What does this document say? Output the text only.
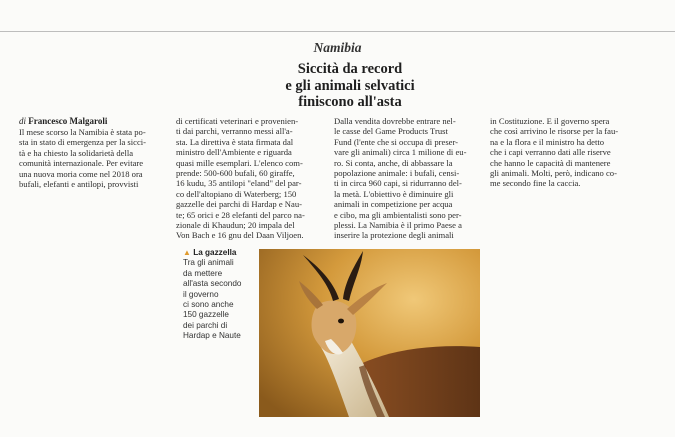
Namibia
Siccità da record
e gli animali selvatici
finiscono all'asta
di Francesco Malgaroli
Il mese scorso la Namibia è stata po-
sta in stato di emergenza per la sicci-
tà e ha chiesto la solidarietà della
comunità internazionale. Per evitare
una nuova moria come nel 2018 ora
bufali, elefanti e antilopi, provvisti
di certificati veterinari e provenien-
ti dai parchi, verranno messi all'a-
sta. La direttiva è stata firmata dal
ministro dell'Ambiente e riguarda
quasi mille esemplari. L'elenco com-
prende: 500-600 bufali, 60 giraffe,
16 kudu, 35 antilopi "eland" del par-
co dell'altopiano di Waterberg; 150
gazzelle dei parchi di Hardap e Nau-
te; 65 orici e 28 elefanti del parco na-
zionale di Khaudun; 20 impala del
Von Bach e 16 gnu del Daan Viljoen.
Dalla vendita dovrebbe entrare nel-
le casse del Game Products Trust
Fund (l'ente che si occupa di preser-
vare gli animali) circa 1 milione di eu-
ro. Si conta, anche, di abbassare la
popolazione animale: i bufali, censi-
ti in circa 960 capi, si ridurranno del-
la metà. L'obiettivo è diminuire gli
animali in competizione per acqua
e cibo, ma gli ambientalisti sono per-
plessi. La Namibia è il primo Paese a
inserire la protezione degli animali
in Costituzione. E il governo spera
che così arrivino le risorse per la fau-
na e la flora e il ministro ha detto
che i capi verranno dati alle riserve
che hanno le capacità di mantenere
gli animali. Molti, però, indicano co-
me secondo fine la caccia.
▲ La gazzella
Tra gli animali
da mettere
all'asta secondo
il governo
ci sono anche
150 gazzelle
dei parchi di
Hardap e Naute
